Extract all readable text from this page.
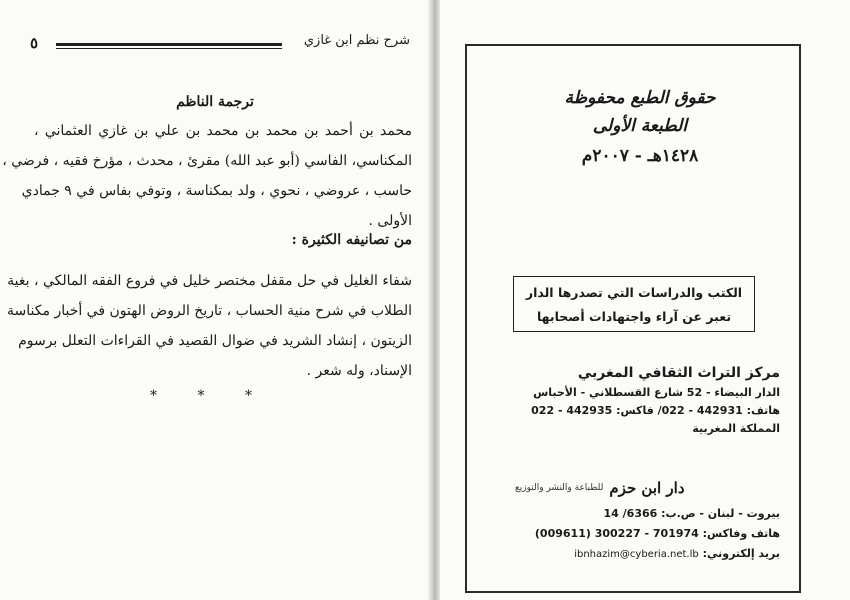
٥	شرح نظم ابن غازي
ترجمة الناظم
محمد بن أحمد بن محمد بن محمد بن علي بن غازي العثماني ،
المكناسي، الفاسي (أبو عبد الله) مقرئ ، محدث ، مؤرخ فقيه ، فرضي ،
حاسب ، عروضي ، نحوي ، ولد بمكناسة ، وتوفي بفاس في ٩ جمادي
الأولى .
من تصانيفه الكثيرة :
شفاء الغليل في حل مقفل مختصر خليل في فروع الفقه المالكي ، بغية
الطلاب في شرح منية الحساب ، تاريخ الروض الهتون في أخبار مكناسة
الزيتون ، إنشاد الشريد في ضوال القصيد في القراءات التعلل برسوم
الإسناد، وله شعر .
* * *
حقوق الطبع محفوظة
الطبعة الأولى
١٤٢٨هـ - ٢٠٠٧م
الكتب والدراسات التي تصدرها الدار
تعبر عن آراء واجتهادات أصحابها
مركز التراث الثقافي المغربي
الدار البيضاء - 52 شارع القسطلاني - الأحباس
هاتف: 442931 - 022/ فاكس: 442935 - 022
المملكة المغربية
دار ابن حزم
للطباعة والنشر والتوزيع
بيروت - لبنان - ص.ب: 6366/ 14
هاتف وفاكس: 701974 - 300227 (009611)
بريد إلكتروني: ibnhazim@cyberia.net.lb
